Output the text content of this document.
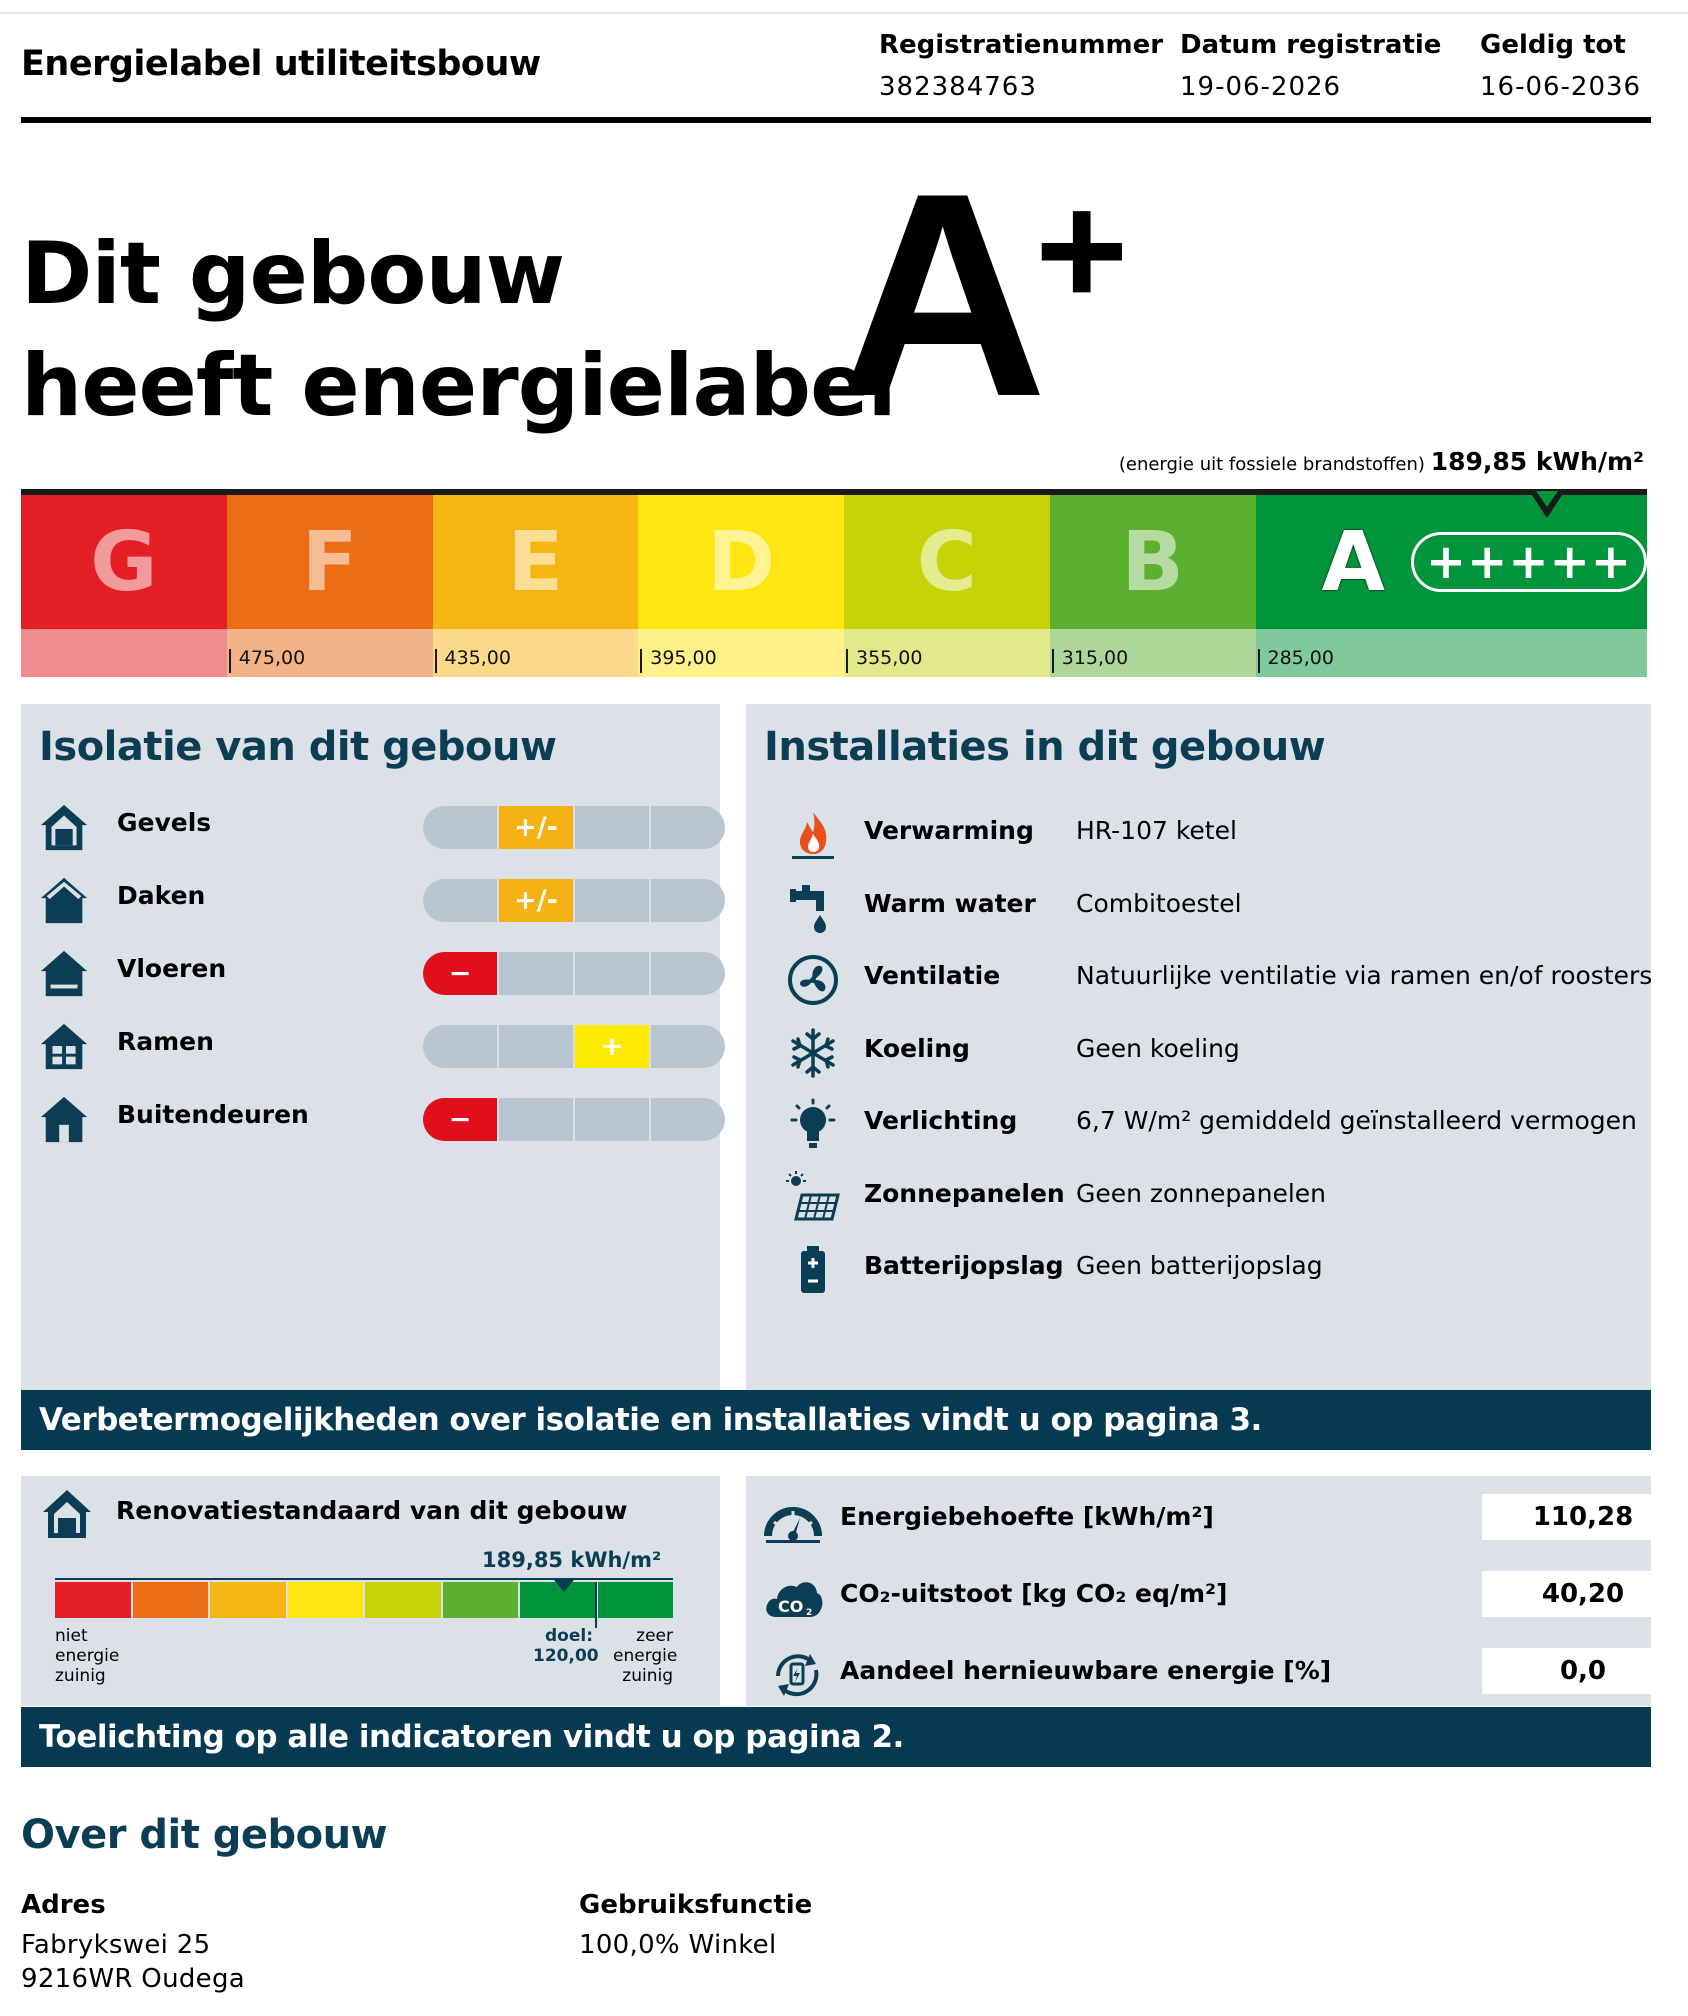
Energielabel utiliteitsbouw	Registratienummer
382384763
Datum registratie
19-06-2026
Geldig tot
16-06-2036
Dit gebouw
heeft energielabel
A
+
(energie uit fossiele brandstoffen) 189,85 kWh/m²
G F
475,00
E
435,00
D
395,00
C
355,00
B
315,00
A +++++
285,00
Isolatie van dit gebouw
Gevels	+/-
Daken	+/-
Vloeren	−
Ramen	+
Buitendeuren	−
Installaties in dit gebouw
Verwarming HR-107 ketel
Warm water Combitoestel
Ventilatie	Natuurlijke ventilatie via ramen en/of roosters
Koeling	Geen koeling
Verlichting 6,7 W/m² gemiddeld geïnstalleerd vermogen
Zonnepanelen Geen zonnepanelen
Batterijopslag Geen batterijopslag
Verbetermogelijkheden over isolatie en installaties vindt u op pagina 3.
Renovatiestandaard van dit gebouw
189,85 kWh/m²
niet
energie
zuinig
doel:
120,00
zeer
energie
zuinig
Energiebehoefte [kWh/m²]	110,28
CO 2
CO₂-uitstoot [kg CO₂ eq/m²]	40,20
Aandeel hernieuwbare energie [%]	0,0
Toelichting op alle indicatoren vindt u op pagina 2.
Over dit gebouw
Adres
Fabrykswei 25
9216WR Oudega
Gebruiksfunctie
100,0% Winkel
